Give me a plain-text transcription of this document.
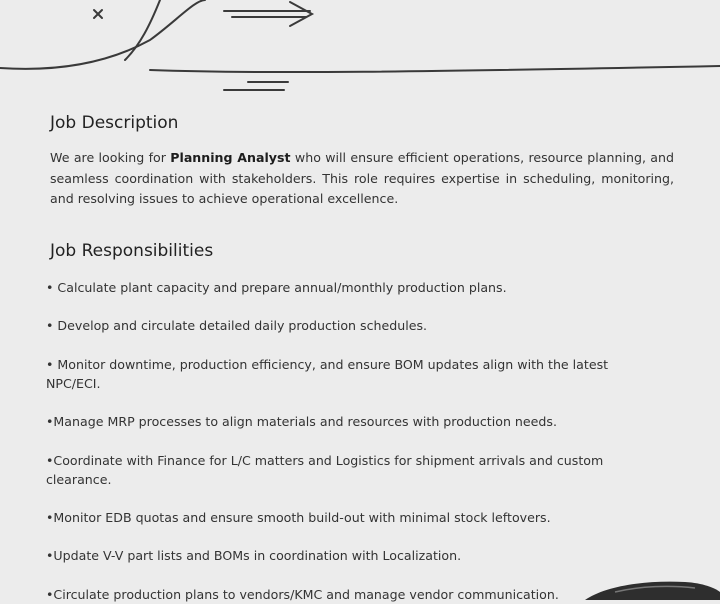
Job Description

We are looking for Planning Analyst who will ensure efficient operations, resource planning, and seamless coordination with stakeholders. This role requires expertise in scheduling, monitoring, and resolving issues to achieve operational excellence.

Job Responsibilities

• Calculate plant capacity and prepare annual/monthly production plans.

• Develop and circulate detailed daily production schedules.

• Monitor downtime, production efficiency, and ensure BOM updates align with the latest NPC/ECI.

•Manage MRP processes to align materials and resources with production needs.

•Coordinate with Finance for L/C matters and Logistics for shipment arrivals and custom clearance.

•Monitor EDB quotas and ensure smooth build-out with minimal stock leftovers.

•Update V-V part lists and BOMs in coordination with Localization.

•Circulate production plans to vendors/KMC and manage vendor communication.
